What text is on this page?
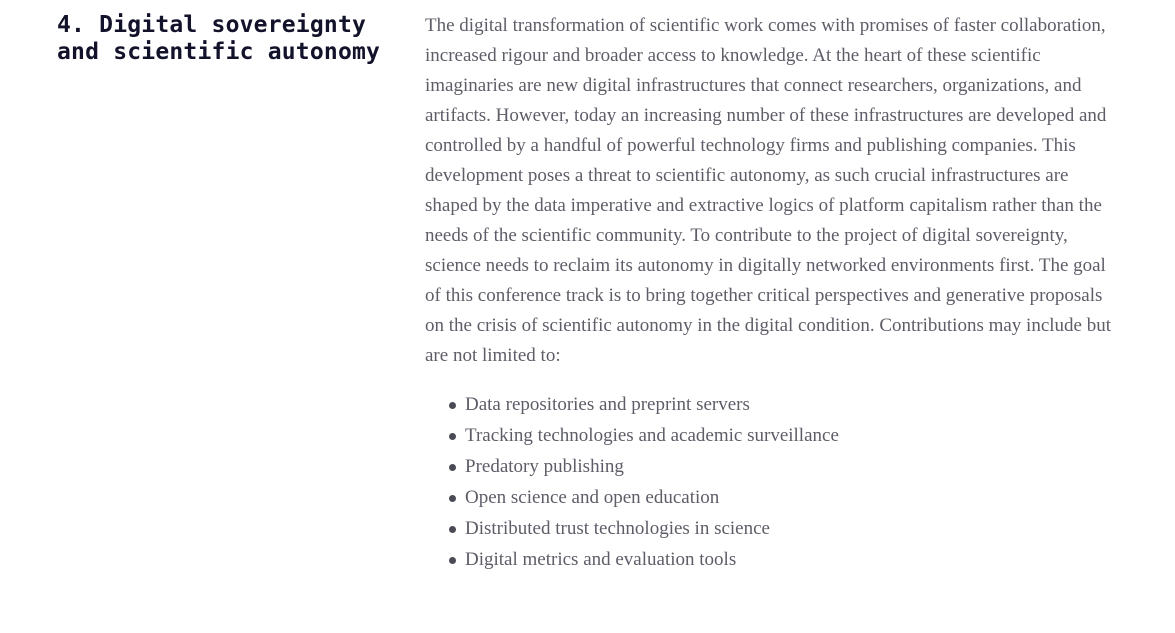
4. Digital sovereignty and scientific autonomy

The digital transformation of scientific work comes with promises of faster collaboration, increased rigour and broader access to knowledge. At the heart of these scientific imaginaries are new digital infrastructures that connect researchers, organizations, and artifacts. However, today an increasing number of these infrastructures are developed and controlled by a handful of powerful technology firms and publishing companies. This development poses a threat to scientific autonomy, as such crucial infrastructures are shaped by the data imperative and extractive logics of platform capitalism rather than the needs of the scientific community. To contribute to the project of digital sovereignty, science needs to reclaim its autonomy in digitally networked environments first. The goal of this conference track is to bring together critical perspectives and generative proposals on the crisis of scientific autonomy in the digital condition. Contributions may include but are not limited to:

Data repositories and preprint servers
Tracking technologies and academic surveillance
Predatory publishing
Open science and open education
Distributed trust technologies in science
Digital metrics and evaluation tools
